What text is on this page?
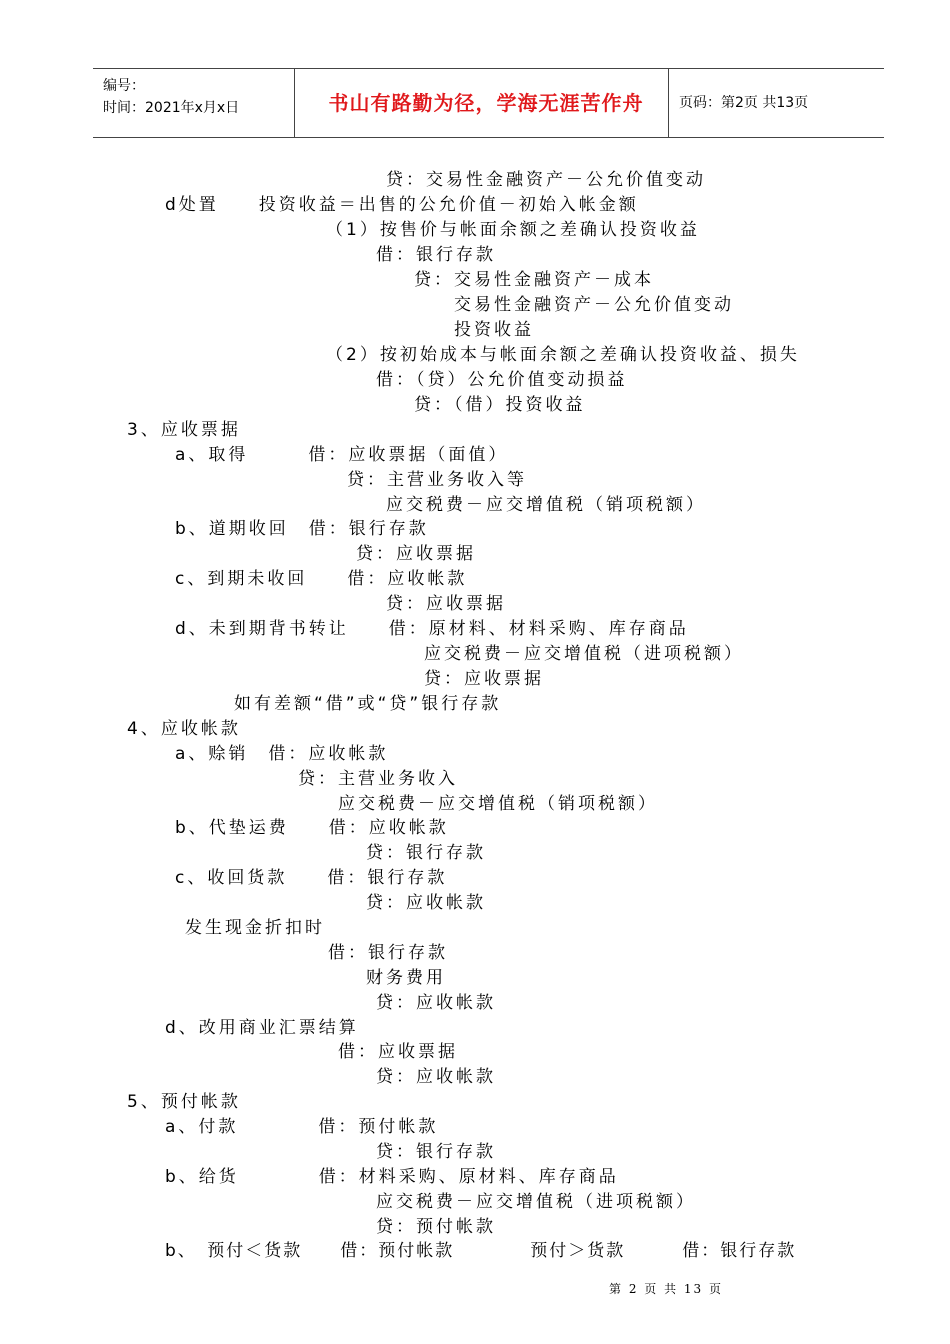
编号：
时间：2021年x月x日	书山有路勤为径，学海无涯苦作舟	页码：第2页 共13页
贷：交易性金融资产－公允价值变动
d处置　　投资收益＝出售的公允价值－初始入帐金额
（1）按售价与帐面余额之差确认投资收益
借：银行存款
贷：交易性金融资产－成本
交易性金融资产－公允价值变动
投资收益
（2）按初始成本与帐面余额之差确认投资收益、损失
借：（贷）公允价值变动损益
贷：（借）投资收益
3、应收票据
a、取得　　　借：应收票据（面值）
贷：主营业务收入等
应交税费－应交增值税（销项税额）
b、道期收回　借：银行存款
贷：应收票据
c、到期未收回　　借：应收帐款
贷：应收票据
d、未到期背书转让　　借：原材料、材料采购、库存商品
应交税费－应交增值税（进项税额）
贷：应收票据
如有差额“借”或“贷”银行存款
4、应收帐款
a、赊销　借：应收帐款
贷：主营业务收入
应交税费－应交增值税（销项税额）
b、代垫运费　　借：应收帐款
贷：银行存款
c、收回货款　　借：银行存款
贷：应收帐款
发生现金折扣时
借：银行存款
财务费用
贷：应收帐款
d、改用商业汇票结算
借：应收票据
贷：应收帐款
5、预付帐款
a、付款　　　　借：预付帐款
贷：银行存款
b、给货　　　　借：材料采购、原材料、库存商品
应交税费－应交增值税（进项税额）
贷：预付帐款
b、　预付＜货款　　借：预付帐款　　　　预付＞货款　　　借：银行存款
第 2 页 共 13 页
